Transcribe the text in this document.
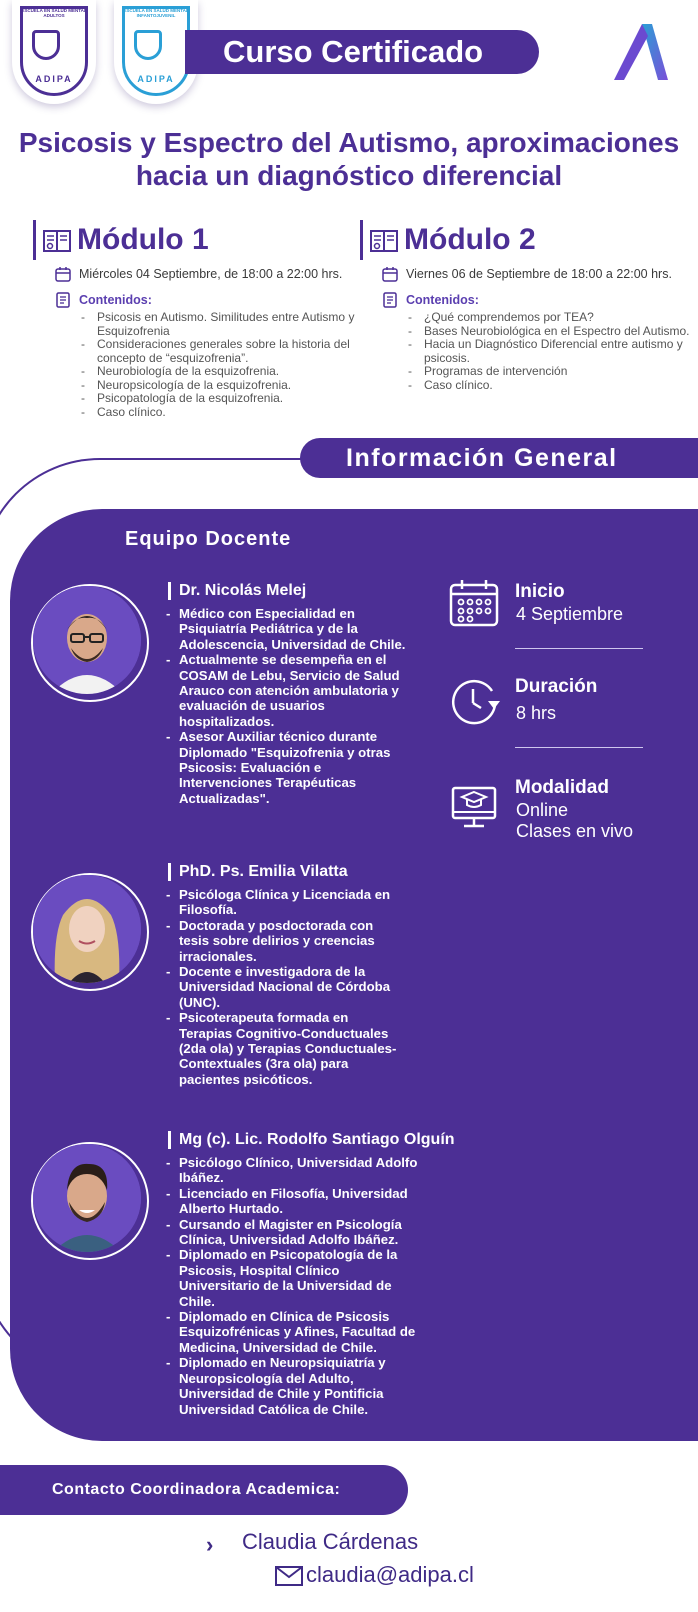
ESCUELA EN SALUD MENTAL ADULTOS
ADIPA
ESCUELA EN SALUD MENTAL INFANTOJUVENIL
ADIPA
Curso Certificado
Psicosis y Espectro del Autismo, aproximaciones hacia un diagnóstico diferencial
Módulo 1
Miércoles 04 Septiembre, de 18:00 a 22:00 hrs.
Contenidos:
- Psicosis en Autismo. Similitudes entre Autismo y Esquizofrenia
- Consideraciones generales sobre la historia del concepto de “esquizofrenia”.
- Neurobiología de la esquizofrenia.
- Neuropsicología de la esquizofrenia.
- Psicopatología de la esquizofrenia.
- Caso clínico.
Módulo 2
Viernes 06 de Septiembre de 18:00 a 22:00 hrs.
Contenidos:
- ¿Qué comprendemos por TEA?
- Bases Neurobiológica en el Espectro del Autismo.
- Hacia un Diagnóstico Diferencial entre autismo y psicosis.
- Programas de intervención
- Caso clínico.
Información General
Equipo Docente
Dr. Nicolás Melej
- Médico con Especialidad en Psiquiatría Pediátrica y de la Adolescencia, Universidad de Chile.
- Actualmente se desempeña en el COSAM de Lebu, Servicio de Salud Arauco con atención ambulatoria y evaluación de usuarios hospitalizados.
- Asesor Auxiliar técnico durante Diplomado "Esquizofrenia y otras Psicosis: Evaluación e Intervenciones Terapéuticas Actualizadas".
PhD. Ps. Emilia Vilatta
- Psicóloga Clínica y Licenciada en Filosofía.
- Doctorada y posdoctorada con tesis sobre delirios y creencias irracionales.
- Docente e investigadora de la Universidad Nacional de Córdoba (UNC).
- Psicoterapeuta formada en Terapias Cognitivo-Conductuales (2da ola) y Terapias Conductuales-Contextuales (3ra ola) para pacientes psicóticos.
Mg (c). Lic. Rodolfo Santiago Olguín
- Psicólogo Clínico, Universidad Adolfo Ibáñez.
- Licenciado en Filosofía, Universidad Alberto Hurtado.
- Cursando el Magister en Psicología Clínica, Universidad Adolfo Ibáñez.
- Diplomado en Psicopatología de la Psicosis, Hospital Clínico Universitario de la Universidad de Chile.
- Diplomado en Clínica de Psicosis Esquizofrénicas y Afines, Facultad de Medicina, Universidad de Chile.
- Diplomado en Neuropsiquiatría y Neuropsicología del Adulto, Universidad de Chile y Pontificia Universidad Católica de Chile.
Inicio
4 Septiembre
Duración
8 hrs
Modalidad
Online
Clases en vivo
Contacto Coordinadora Academica:
› Claudia Cárdenas
claudia@adipa.cl
